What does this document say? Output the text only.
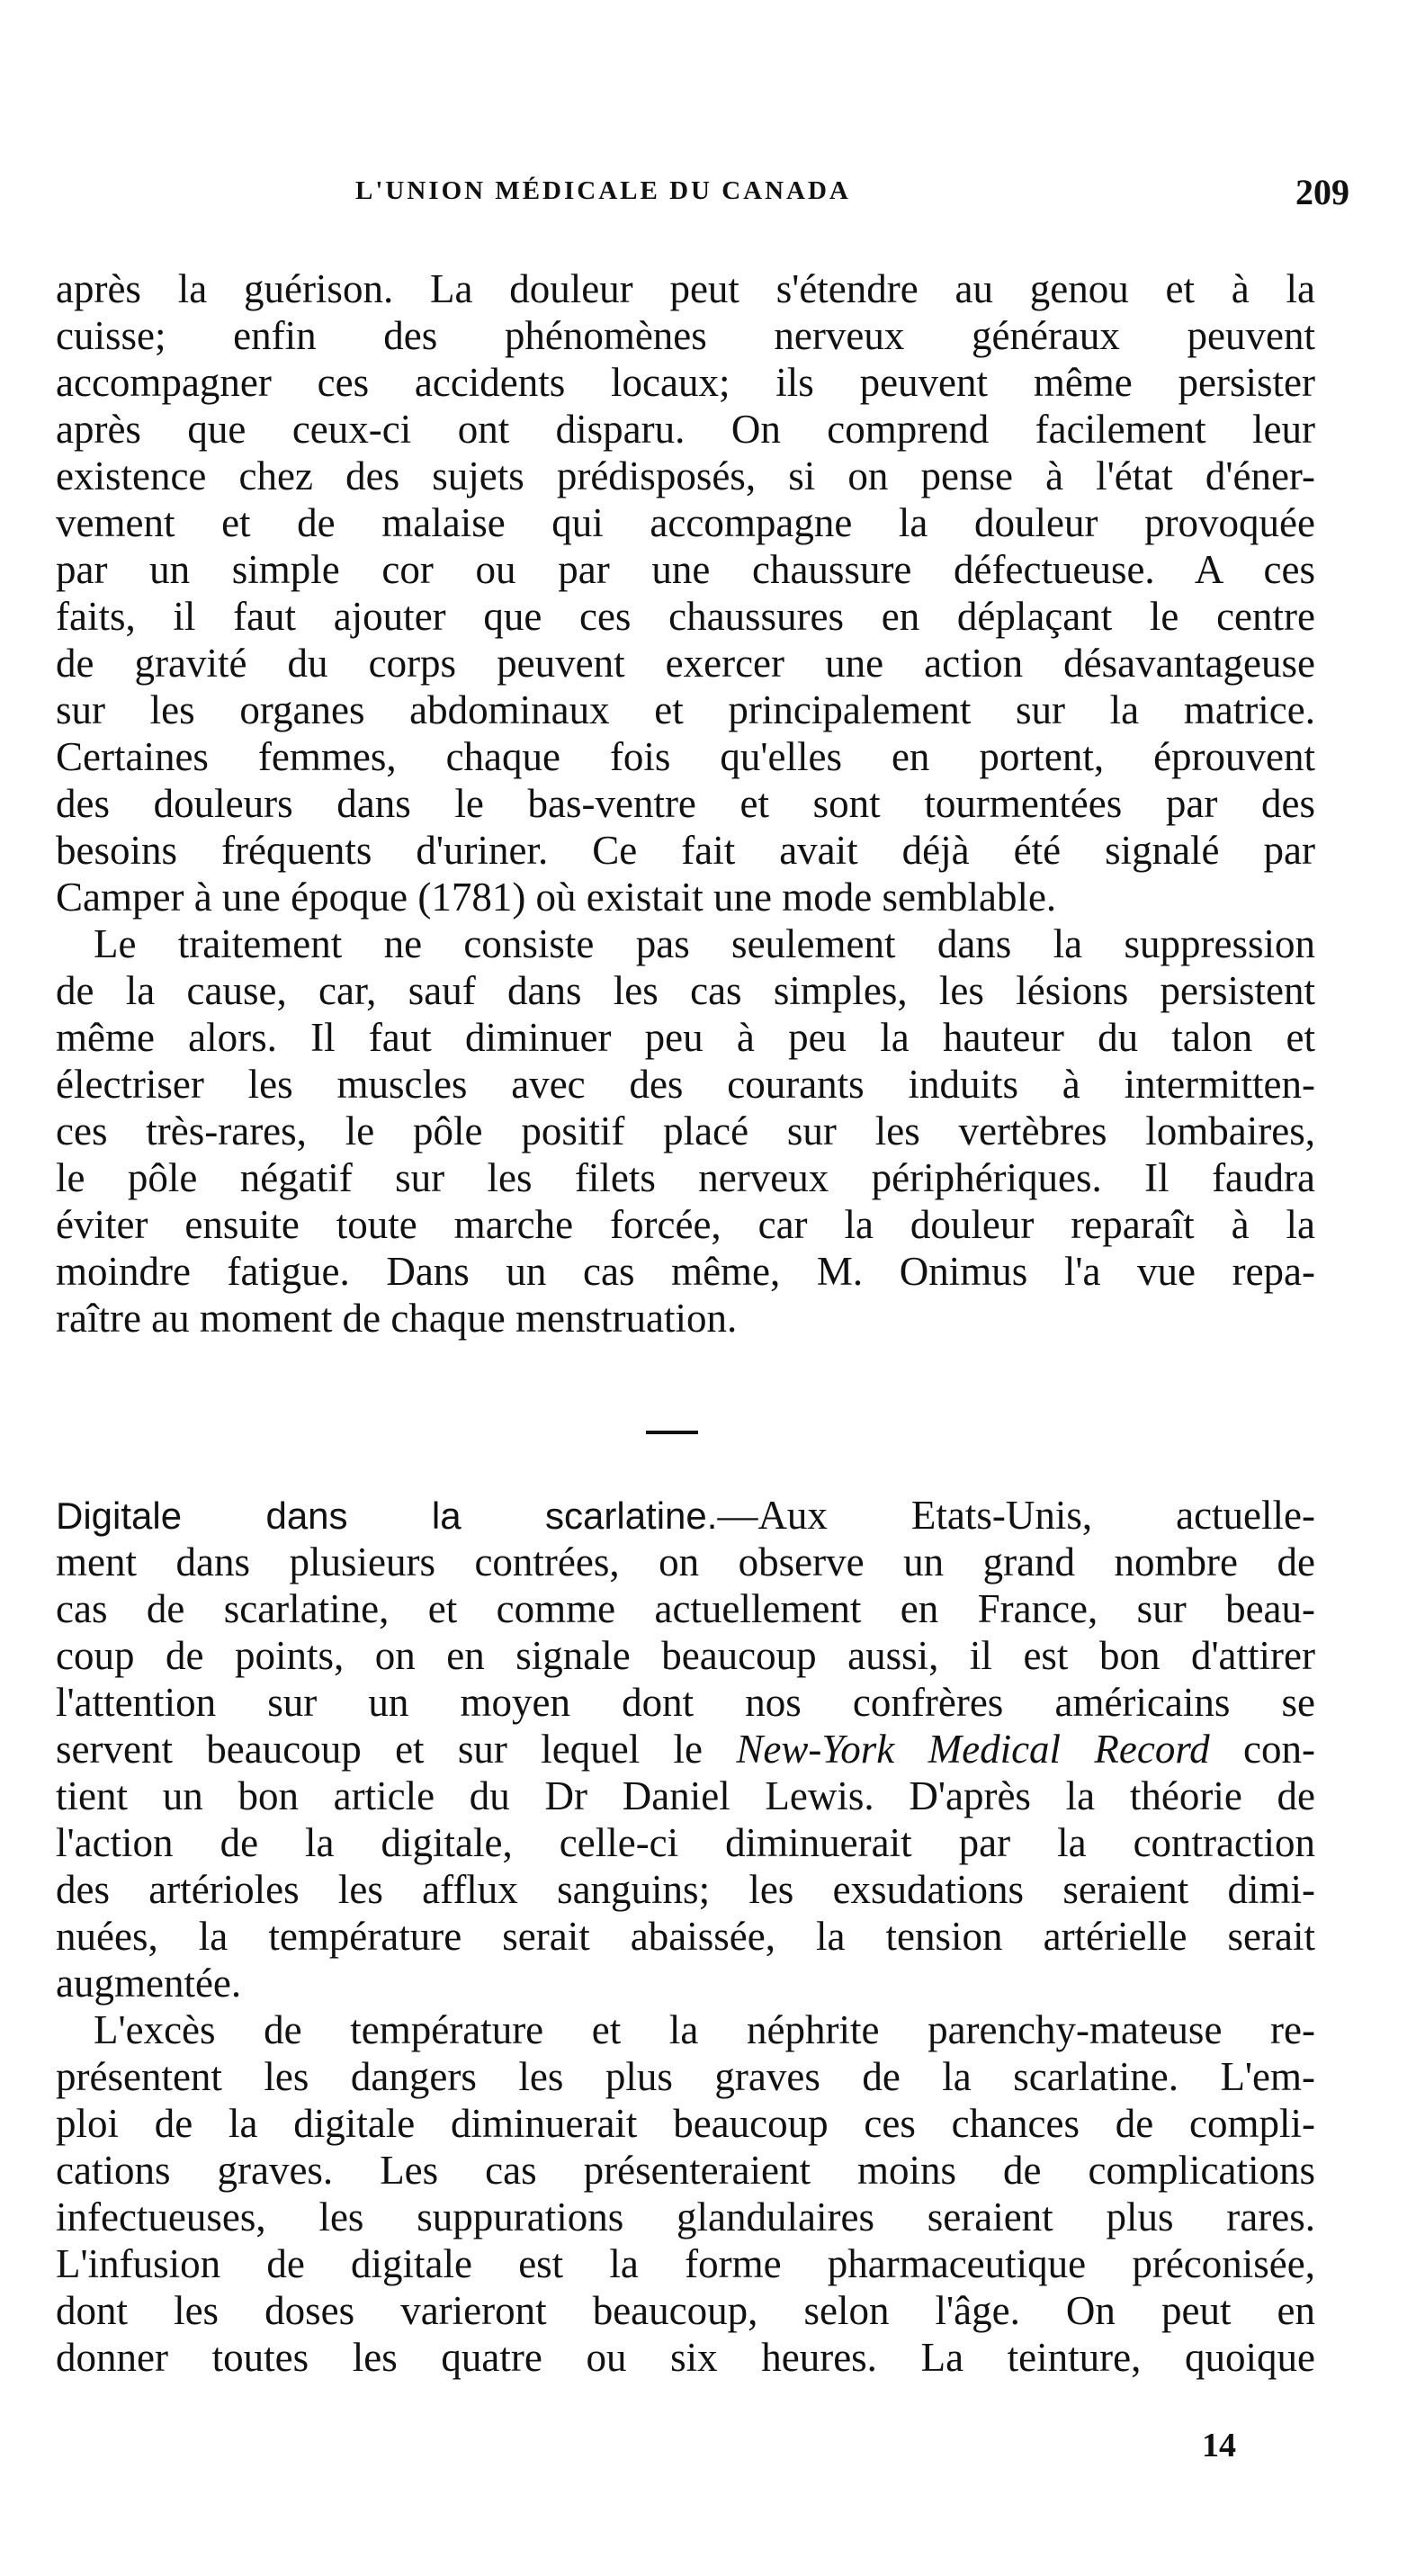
L'UNION MÉDICALE DU CANADA	209
après la guérison. La douleur peut s'étendre au genou et à la
cuisse; enfin des phénomènes nerveux généraux peuvent
accompagner ces accidents locaux; ils peuvent même persister
après que ceux-ci ont disparu. On comprend facilement leur
existence chez des sujets prédisposés, si on pense à l'état d'éner-
vement et de malaise qui accompagne la douleur provoquée
par un simple cor ou par une chaussure défectueuse. A ces
faits, il faut ajouter que ces chaussures en déplaçant le centre
de gravité du corps peuvent exercer une action désavantageuse
sur les organes abdominaux et principalement sur la matrice.
Certaines femmes, chaque fois qu'elles en portent, éprouvent
des douleurs dans le bas-ventre et sont tourmentées par des
besoins fréquents d'uriner. Ce fait avait déjà été signalé par
Camper à une époque (1781) où existait une mode semblable.
Le traitement ne consiste pas seulement dans la suppression
de la cause, car, sauf dans les cas simples, les lésions persistent
même alors. Il faut diminuer peu à peu la hauteur du talon et
électriser les muscles avec des courants induits à intermitten-
ces très-rares, le pôle positif placé sur les vertèbres lombaires,
le pôle négatif sur les filets nerveux périphériques. Il faudra
éviter ensuite toute marche forcée, car la douleur reparaît à la
moindre fatigue. Dans un cas même, M. Onimus l'a vue repa-
raître au moment de chaque menstruation.
Digitale dans la scarlatine.—Aux Etats-Unis, actuelle-
ment dans plusieurs contrées, on observe un grand nombre de
cas de scarlatine, et comme actuellement en France, sur beau-
coup de points, on en signale beaucoup aussi, il est bon d'attirer
l'attention sur un moyen dont nos confrères américains se
servent beaucoup et sur lequel le New-York Medical Record con-
tient un bon article du Dr Daniel Lewis. D'après la théorie de
l'action de la digitale, celle-ci diminuerait par la contraction
des artérioles les afflux sanguins; les exsudations seraient dimi-
nuées, la température serait abaissée, la tension artérielle serait
augmentée.
L'excès de température et la néphrite parenchy-mateuse re-
présentent les dangers les plus graves de la scarlatine. L'em-
ploi de la digitale diminuerait beaucoup ces chances de compli-
cations graves. Les cas présenteraient moins de complications
infectueuses, les suppurations glandulaires seraient plus rares.
L'infusion de digitale est la forme pharmaceutique préconisée,
dont les doses varieront beaucoup, selon l'âge. On peut en
donner toutes les quatre ou six heures. La teinture, quoique
14
